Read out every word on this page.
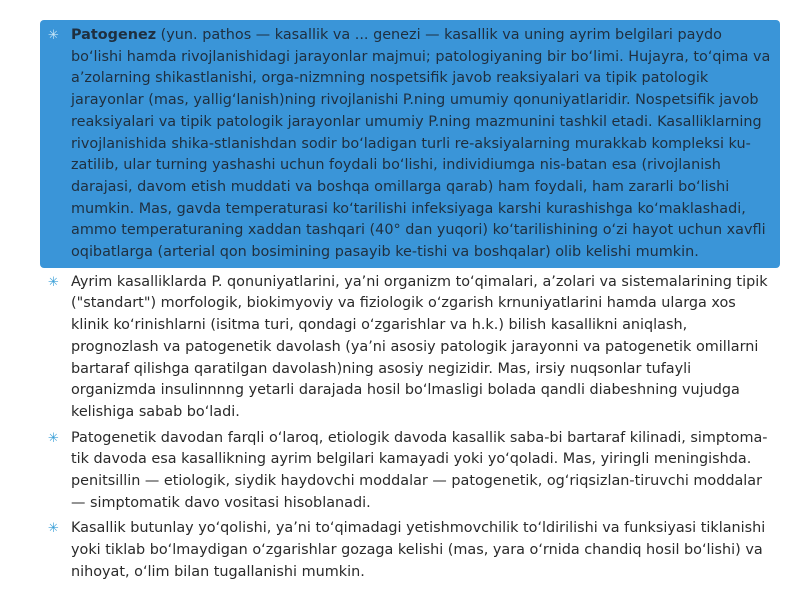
✳ Patogenez (yun. pathos — kasallik va ... genezi — kasallik va uning ayrim belgilari paydo bo‘lishi hamda rivojlanishidagi jarayonlar majmui; patologiyaning bir bo‘limi. Hujayra, to‘qima va a’zolarning shikastlanishi, orga-nizmning nospetsifik javob reaksiyalari va tipik patologik jarayonlar (mas, yallig‘lanish)ning rivojlanishi P.ning umumiy qonuniyatlaridir. Nospetsifik javob reaksiyalari va tipik patologik jarayonlar umumiy P.ning mazmunini tashkil etadi. Kasalliklarning rivojlanishida shika-stlanishdan sodir bo‘ladigan turli re-aksiyalarning murakkab kompleksi ku-zatilib, ular turning yashashi uchun foydali bo‘lishi, individiumga nis-batan esa (rivojlanish darajasi, davom etish muddati va boshqa omillarga qarab) ham foydali, ham zararli bo‘lishi mumkin. Mas, gavda temperaturasi ko‘tarilishi infeksiyaga karshi kurashishga ko‘maklashadi, ammo temperaturaning xaddan tashqari (40° dan yuqori) ko‘tarilishining o‘zi hayot uchun xavfli oqibatlarga (arterial qon bosimining pasayib ke-tishi va boshqalar) olib kelishi mumkin.

✳ Ayrim kasalliklarda P. qonuniyatlarini, ya’ni organizm to‘qimalari, a’zolari va sistemalarining tipik ("standart") morfologik, biokimyoviy va fiziologik o‘zgarish krnuniyatlarini hamda ularga xos klinik ko‘rinishlarni (isitma turi, qondagi o‘zgarishlar va h.k.) bilish kasallikni aniqlash, prognozlash va patogenetik davolash (ya’ni asosiy patologik jarayonni va patogenetik omillarni bartaraf qilishga qaratilgan davolash)ning asosiy negizidir. Mas, irsiy nuqsonlar tufayli organizmda insulinnnng yetarli darajada hosil bo‘lmasligi bolada qandli diabeshning vujudga kelishiga sabab bo‘ladi.

✳ Patogenetik davodan farqli o‘laroq, etiologik davoda kasallik saba-bi bartaraf kilinadi, simptoma-tik davoda esa kasallikning ayrim belgilari kamayadi yoki yo‘qoladi. Mas, yiringli meningishda. penitsillin — etiologik, siydik haydovchi moddalar — patogenetik, og‘riqsizlan-tiruvchi moddalar — simptomatik davo vositasi hisoblanadi.

✳ Kasallik butunlay yo‘qolishi, ya’ni to‘qimadagi yetishmovchilik to‘ldirilishi va funksiyasi tiklanishi yoki tiklab bo‘lmaydigan o‘zgarishlar gozaga kelishi (mas, yara o‘rnida chandiq hosil bo‘lishi) va nihoyat, o‘lim bilan tugallanishi mumkin.
